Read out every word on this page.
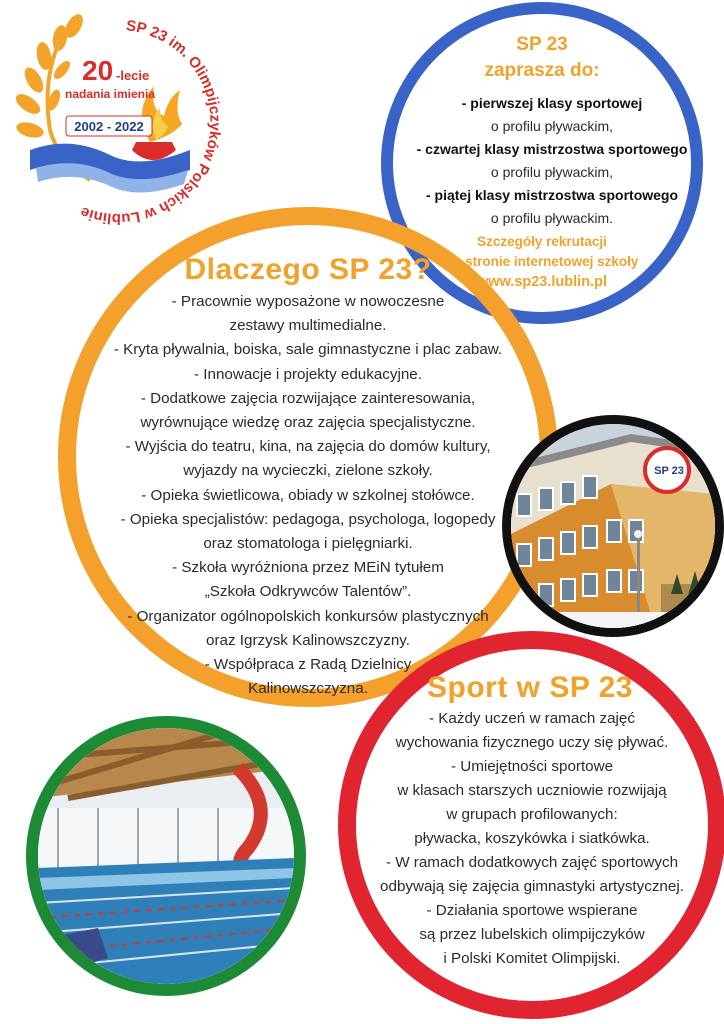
20 -lecie
nadania imienia
2002 - 2022
SP 23 im. Olimpijczyków Polskich w Lublinie
SP 23
zaprasza do:
- pierwszej klasy sportowej
o profilu pływackim,
- czwartej klasy mistrzostwa sportowego
o profilu pływackim,
- piątej klasy mistrzostwa sportowego
o profilu pływackim.
Szczegóły rekrutacji
na stronie internetowej szkoły
www.sp23.lublin.pl
Dlaczego SP 23?
- Pracownie wyposażone w nowoczesne
zestawy multimedialne.
- Kryta pływalnia, boiska, sale gimnastyczne i plac zabaw.
- Innowacje i projekty edukacyjne.
- Dodatkowe zajęcia rozwijające zainteresowania,
wyrównujące wiedzę oraz zajęcia specjalistyczne.
- Wyjścia do teatru, kina, na zajęcia do domów kultury,
wyjazdy na wycieczki, zielone szkoły.
- Opieka świetlicowa, obiady w szkolnej stołówce.
- Opieka specjalistów: pedagoga, psychologa, logopedy
oraz stomatologa i pielęgniarki.
- Szkoła wyróżniona przez MEiN tytułem
„Szkoła Odkrywców Talentów”.
- Organizator ogólnopolskich konkursów plastycznych
oraz Igrzysk Kalinowszczyzny.
- Współpraca z Radą Dzielnicy
Kalinowszczyzna.
SP 23
Sport w SP 23
- Każdy uczeń w ramach zajęć
wychowania fizycznego uczy się pływać.
- Umiejętności sportowe
w klasach starszych uczniowie rozwijają
w grupach profilowanych:
pływacka, koszykówka i siatkówka.
- W ramach dodatkowych zajęć sportowych
odbywają się zajęcia gimnastyki artystycznej.
- Działania sportowe wspierane
są przez lubelskich olimpijczyków
i Polski Komitet Olimpijski.
